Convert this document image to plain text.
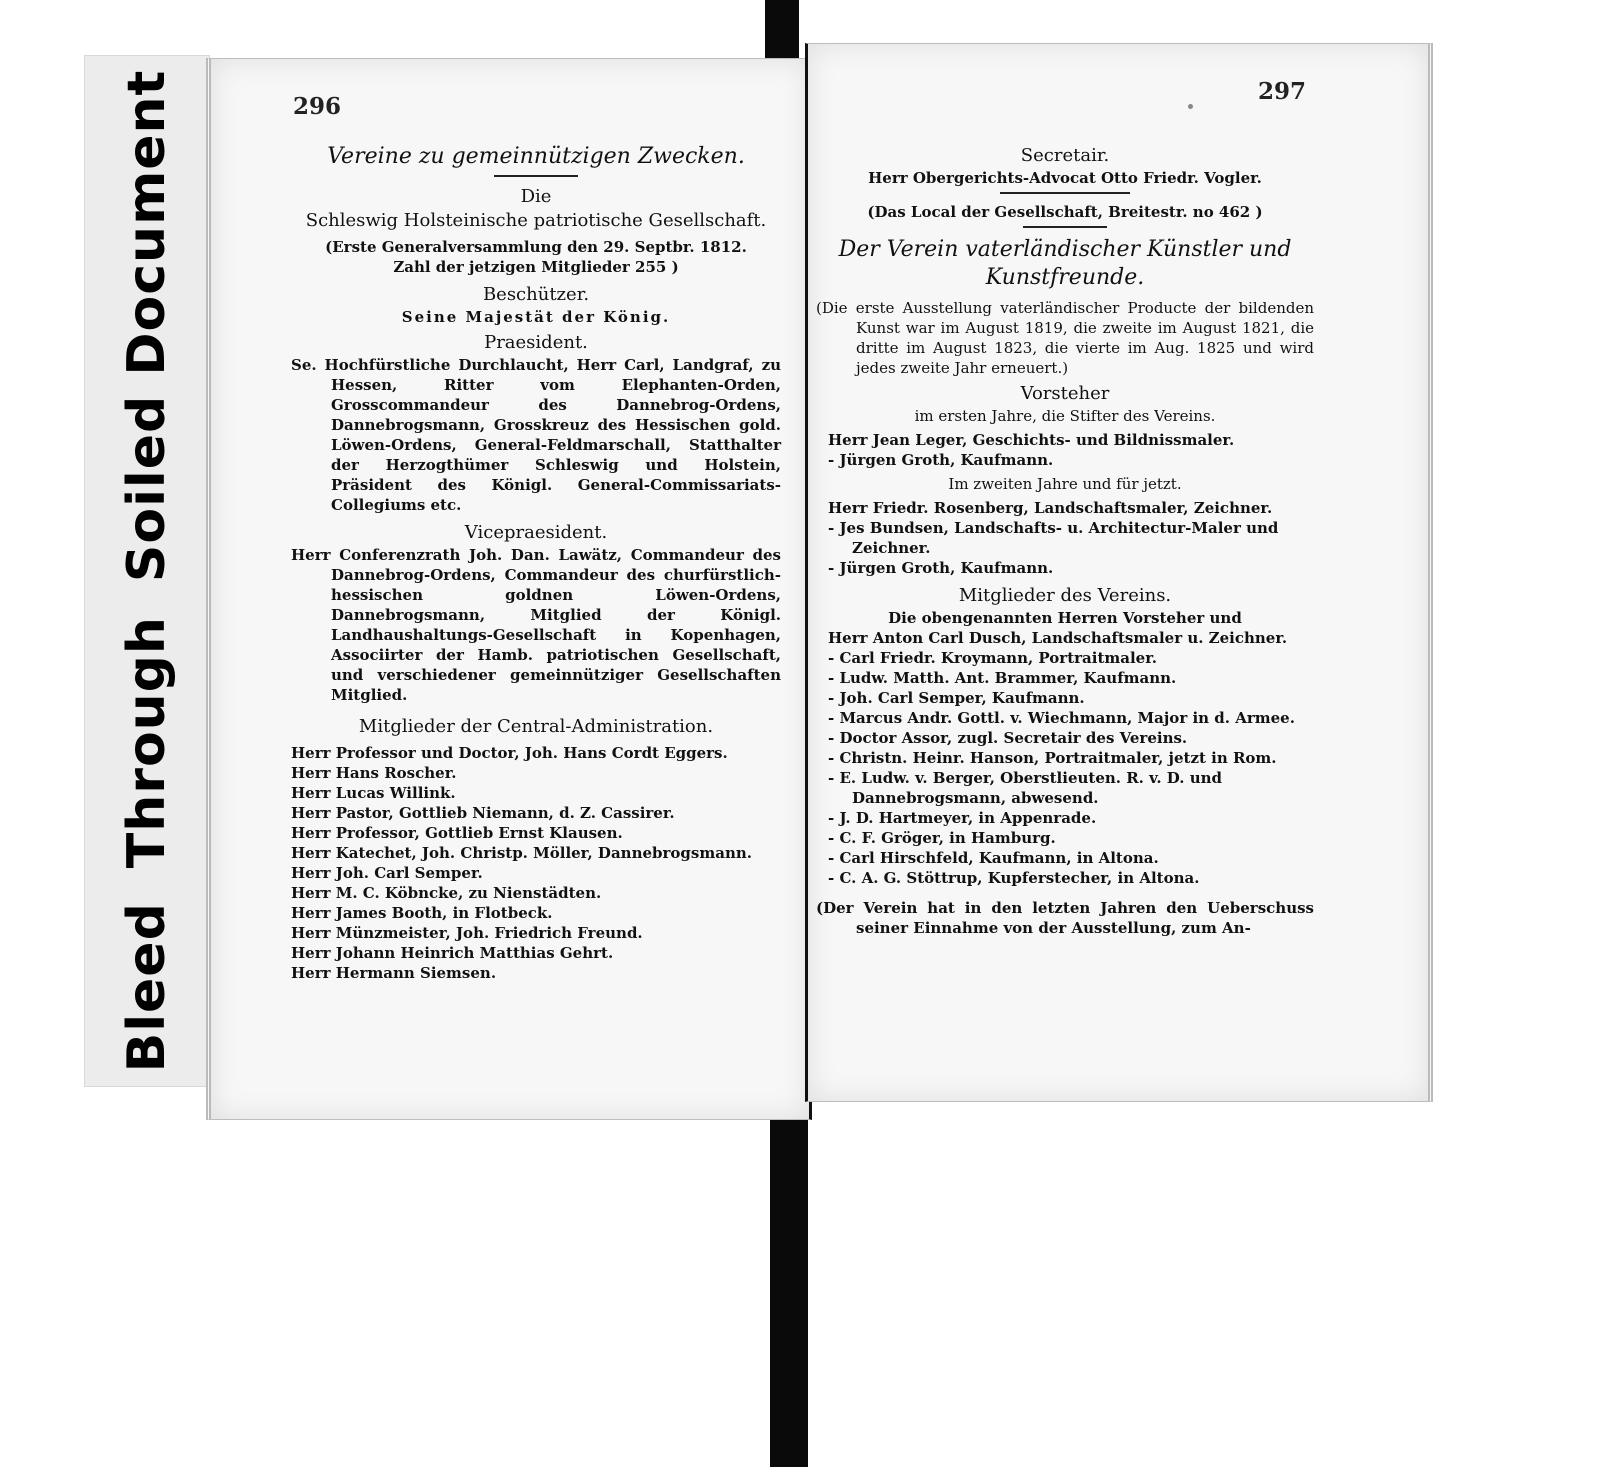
BleedThroughSoiled Document	296
Vereine zu gemeinnützigen Zwecken.
Die
Schleswig Holsteinische patriotische Gesellschaft.
(Erste Generalversammlung den 29. Septbr. 1812.
Zahl der jetzigen Mitglieder 255 )
Beschützer.
Seine Majestät der König.
Praesident.
Se. Hochfürstliche Durchlaucht, Herr Carl, Landgraf, zu Hessen, Ritter vom Elephanten-Orden, Grosscommandeur des Dannebrog-Ordens, Dannebrogsmann, Grosskreuz des Hessischen gold. Löwen-Ordens, General-Feldmarschall, Statthalter der Herzogthümer Schleswig und Holstein, Präsident des Königl. General-Commissariats-Collegiums etc.
Vicepraesident.
Herr Conferenzrath Joh. Dan. Lawätz, Commandeur des Dannebrog-Ordens, Commandeur des churfürstlich-hessischen goldnen Löwen-Ordens, Dannebrogsmann, Mitglied der Königl. Landhaushaltungs-Gesellschaft in Kopenhagen, Associirter der Hamb. patriotischen Gesellschaft, und verschiedener gemeinnütziger Gesellschaften Mitglied.
Mitglieder der Central-Administration.
Herr Professor und Doctor, Joh. Hans Cordt Eggers.
Herr Hans Roscher.
Herr Lucas Willink.
Herr Pastor, Gottlieb Niemann, d. Z. Cassirer.
Herr Professor, Gottlieb Ernst Klausen.
Herr Katechet, Joh. Christp. Möller, Dannebrogsmann.
Herr Joh. Carl Semper.
Herr M. C. Köbncke, zu Nienstädten.
Herr James Booth, in Flotbeck.
Herr Münzmeister, Joh. Friedrich Freund.
Herr Johann Heinrich Matthias Gehrt.
Herr Hermann Siemsen.
297
Secretair.
Herr Obergerichts-Advocat Otto Friedr. Vogler.
(Das Local der Gesellschaft, Breitestr. no 462 )
Der Verein vaterländischer Künstler und
Kunstfreunde.
(Die erste Ausstellung vaterländischer Producte der bildenden Kunst war im August 1819, die zweite im August 1821, die dritte im August 1823, die vierte im Aug. 1825 und wird jedes zweite Jahr erneuert.)
Vorsteher
im ersten Jahre, die Stifter des Vereins.
Herr Jean Leger, Geschichts- und Bildnissmaler.
- Jürgen Groth, Kaufmann.
Im zweiten Jahre und für jetzt.
Herr Friedr. Rosenberg, Landschaftsmaler, Zeichner.
- Jes Bundsen, Landschafts- u. Architectur-Maler und Zeichner.
- Jürgen Groth, Kaufmann.
Mitglieder des Vereins.
Die obengenannten Herren Vorsteher und
Herr Anton Carl Dusch, Landschaftsmaler u. Zeichner.
- Carl Friedr. Kroymann, Portraitmaler.
- Ludw. Matth. Ant. Brammer, Kaufmann.
- Joh. Carl Semper, Kaufmann.
- Marcus Andr. Gottl. v. Wiechmann, Major in d. Armee.
- Doctor Assor, zugl. Secretair des Vereins.
- Christn. Heinr. Hanson, Portraitmaler, jetzt in Rom.
- E. Ludw. v. Berger, Oberstlieuten. R. v. D. und Dannebrogsmann, abwesend.
- J. D. Hartmeyer, in Appenrade.
- C. F. Gröger, in Hamburg.
- Carl Hirschfeld, Kaufmann, in Altona.
- C. A. G. Stöttrup, Kupferstecher, in Altona.
(Der Verein hat in den letzten Jahren den Ueberschuss seiner Einnahme von der Ausstellung, zum An-
